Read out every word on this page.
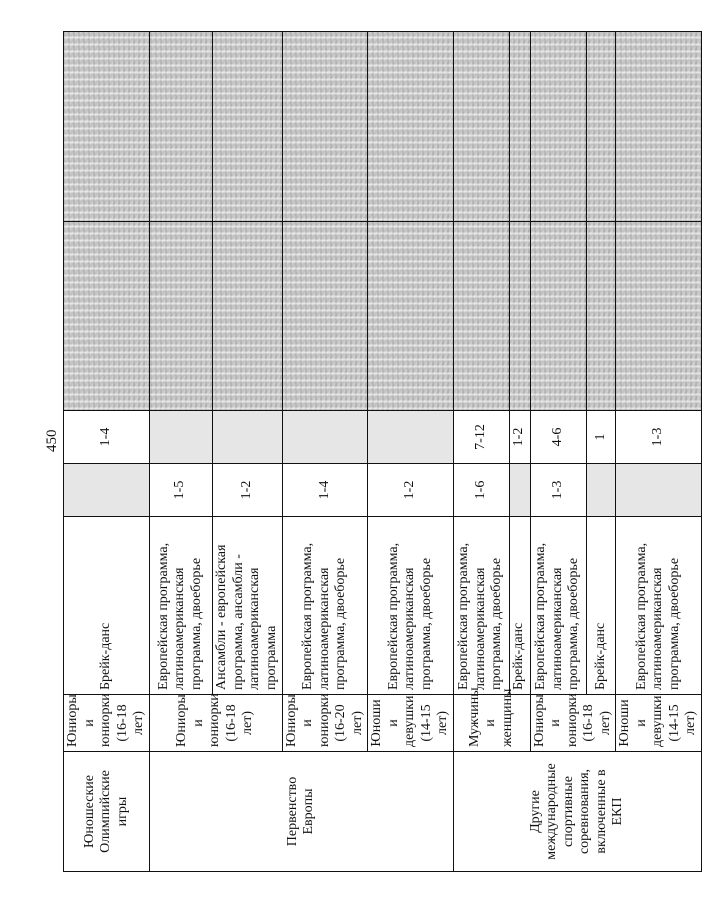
450
Юношеские Олимпийские игры	Юниоры и юниорки (16-18 лет)	Брейк-данс		1-4		
Первенство Европы	Юниоры и юниорки (16-18 лет)	Европейская программа, латиноамериканская программа, двоеборье	1-5			
		Ансамбли - европейская программа, ансамбли - латиноамериканская программа	1-2			
	Юниоры и юниорки (16-20 лет)	Европейская программа, латиноамериканская программа, двоеборье	1-4			
	Юноши и девушки (14-15 лет)	Европейская программа, латиноамериканская программа, двоеборье	1-2			
Другие международные спортивные соревнования, включенные в ЕКП	Мужчины и женщины	Европейская программа, латиноамериканская программа, двоеборье	1-6	7-12		
		Брейк-данс		1-2		
	Юниоры и юниорки (16-18 лет)	Европейская программа, латиноамериканская программа, двоеборье	1-3	4-6		
		Брейк-данс		1		
	Юноши и девушки (14-15 лет)	Европейская программа, латиноамериканская программа, двоеборье		1-3		
